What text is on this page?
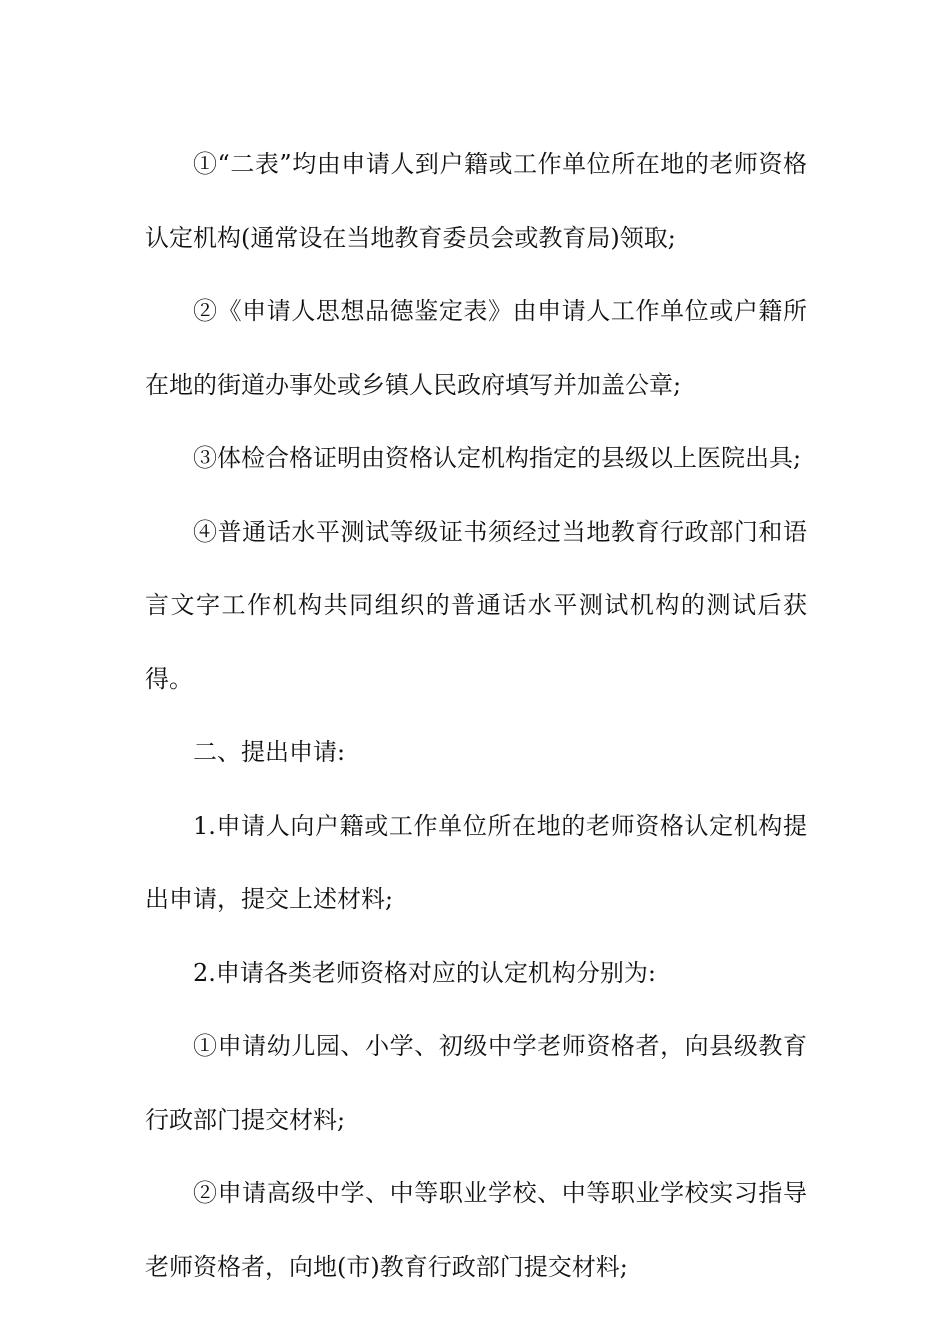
①“二表”均由申请人到户籍或工作单位所在地的老师资格认定机构(通常设在当地教育委员会或教育局)领取;

②《申请人思想品德鉴定表》由申请人工作单位或户籍所在地的街道办事处或乡镇人民政府填写并加盖公章;

③体检合格证明由资格认定机构指定的县级以上医院出具;

④普通话水平测试等级证书须经过当地教育行政部门和语言文字工作机构共同组织的普通话水平测试机构的测试后获得。

二、提出申请:

1.申请人向户籍或工作单位所在地的老师资格认定机构提出申请，提交上述材料;

2.申请各类老师资格对应的认定机构分别为:

①申请幼儿园、小学、初级中学老师资格者，向县级教育行政部门提交材料;

②申请高级中学、中等职业学校、中等职业学校实习指导老师资格者，向地(市)教育行政部门提交材料;
